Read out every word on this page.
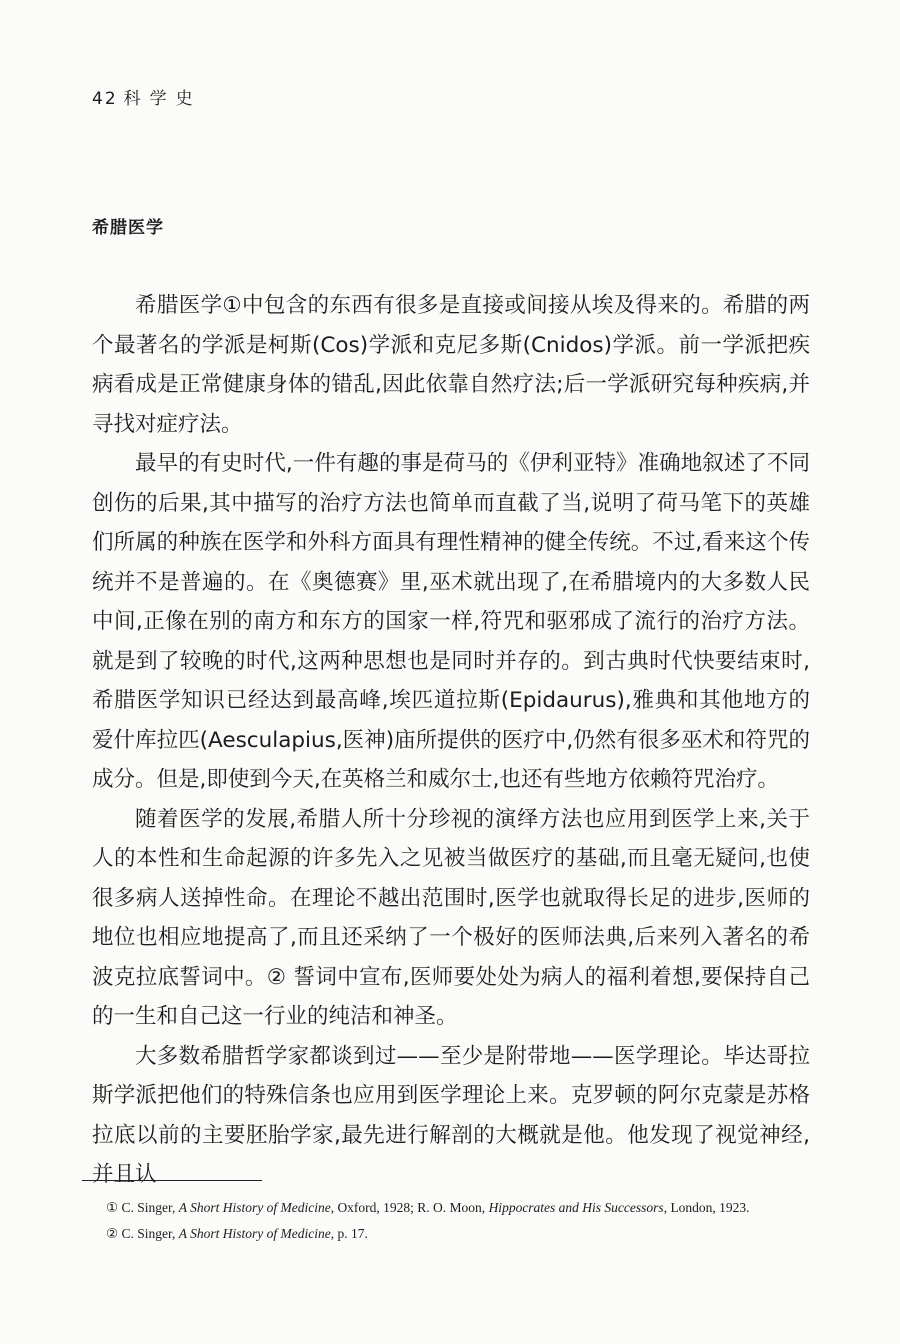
42 科学史
希腊医学

希腊医学①中包含的东西有很多是直接或间接从埃及得来的。希腊的两个最著名的学派是柯斯(Cos)学派和克尼多斯(Cnidos)学派。前一学派把疾病看成是正常健康身体的错乱,因此依靠自然疗法;后一学派研究每种疾病,并寻找对症疗法。

最早的有史时代,一件有趣的事是荷马的《伊利亚特》准确地叙述了不同创伤的后果,其中描写的治疗方法也简单而直截了当,说明了荷马笔下的英雄们所属的种族在医学和外科方面具有理性精神的健全传统。不过,看来这个传统并不是普遍的。在《奥德赛》里,巫术就出现了,在希腊境内的大多数人民中间,正像在别的南方和东方的国家一样,符咒和驱邪成了流行的治疗方法。就是到了较晚的时代,这两种思想也是同时并存的。到古典时代快要结束时,希腊医学知识已经达到最高峰,埃匹道拉斯(Epidaurus),雅典和其他地方的爱什库拉匹(Aesculapius,医神)庙所提供的医疗中,仍然有很多巫术和符咒的成分。但是,即使到今天,在英格兰和威尔士,也还有些地方依赖符咒治疗。

随着医学的发展,希腊人所十分珍视的演绎方法也应用到医学上来,关于人的本性和生命起源的许多先入之见被当做医疗的基础,而且毫无疑问,也使很多病人送掉性命。在理论不越出范围时,医学也就取得长足的进步,医师的地位也相应地提高了,而且还采纳了一个极好的医师法典,后来列入著名的希波克拉底誓词中。② 誓词中宣布,医师要处处为病人的福利着想,要保持自己的一生和自己这一行业的纯洁和神圣。

大多数希腊哲学家都谈到过——至少是附带地——医学理论。毕达哥拉斯学派把他们的特殊信条也应用到医学理论上来。克罗顿的阿尔克蒙是苏格拉底以前的主要胚胎学家,最先进行解剖的大概就是他。他发现了视觉神经,并且认

① C. Singer, A Short History of Medicine, Oxford, 1928; R. O. Moon, Hippocrates and His Successors, London, 1923.

② C. Singer, A Short History of Medicine, p. 17.
